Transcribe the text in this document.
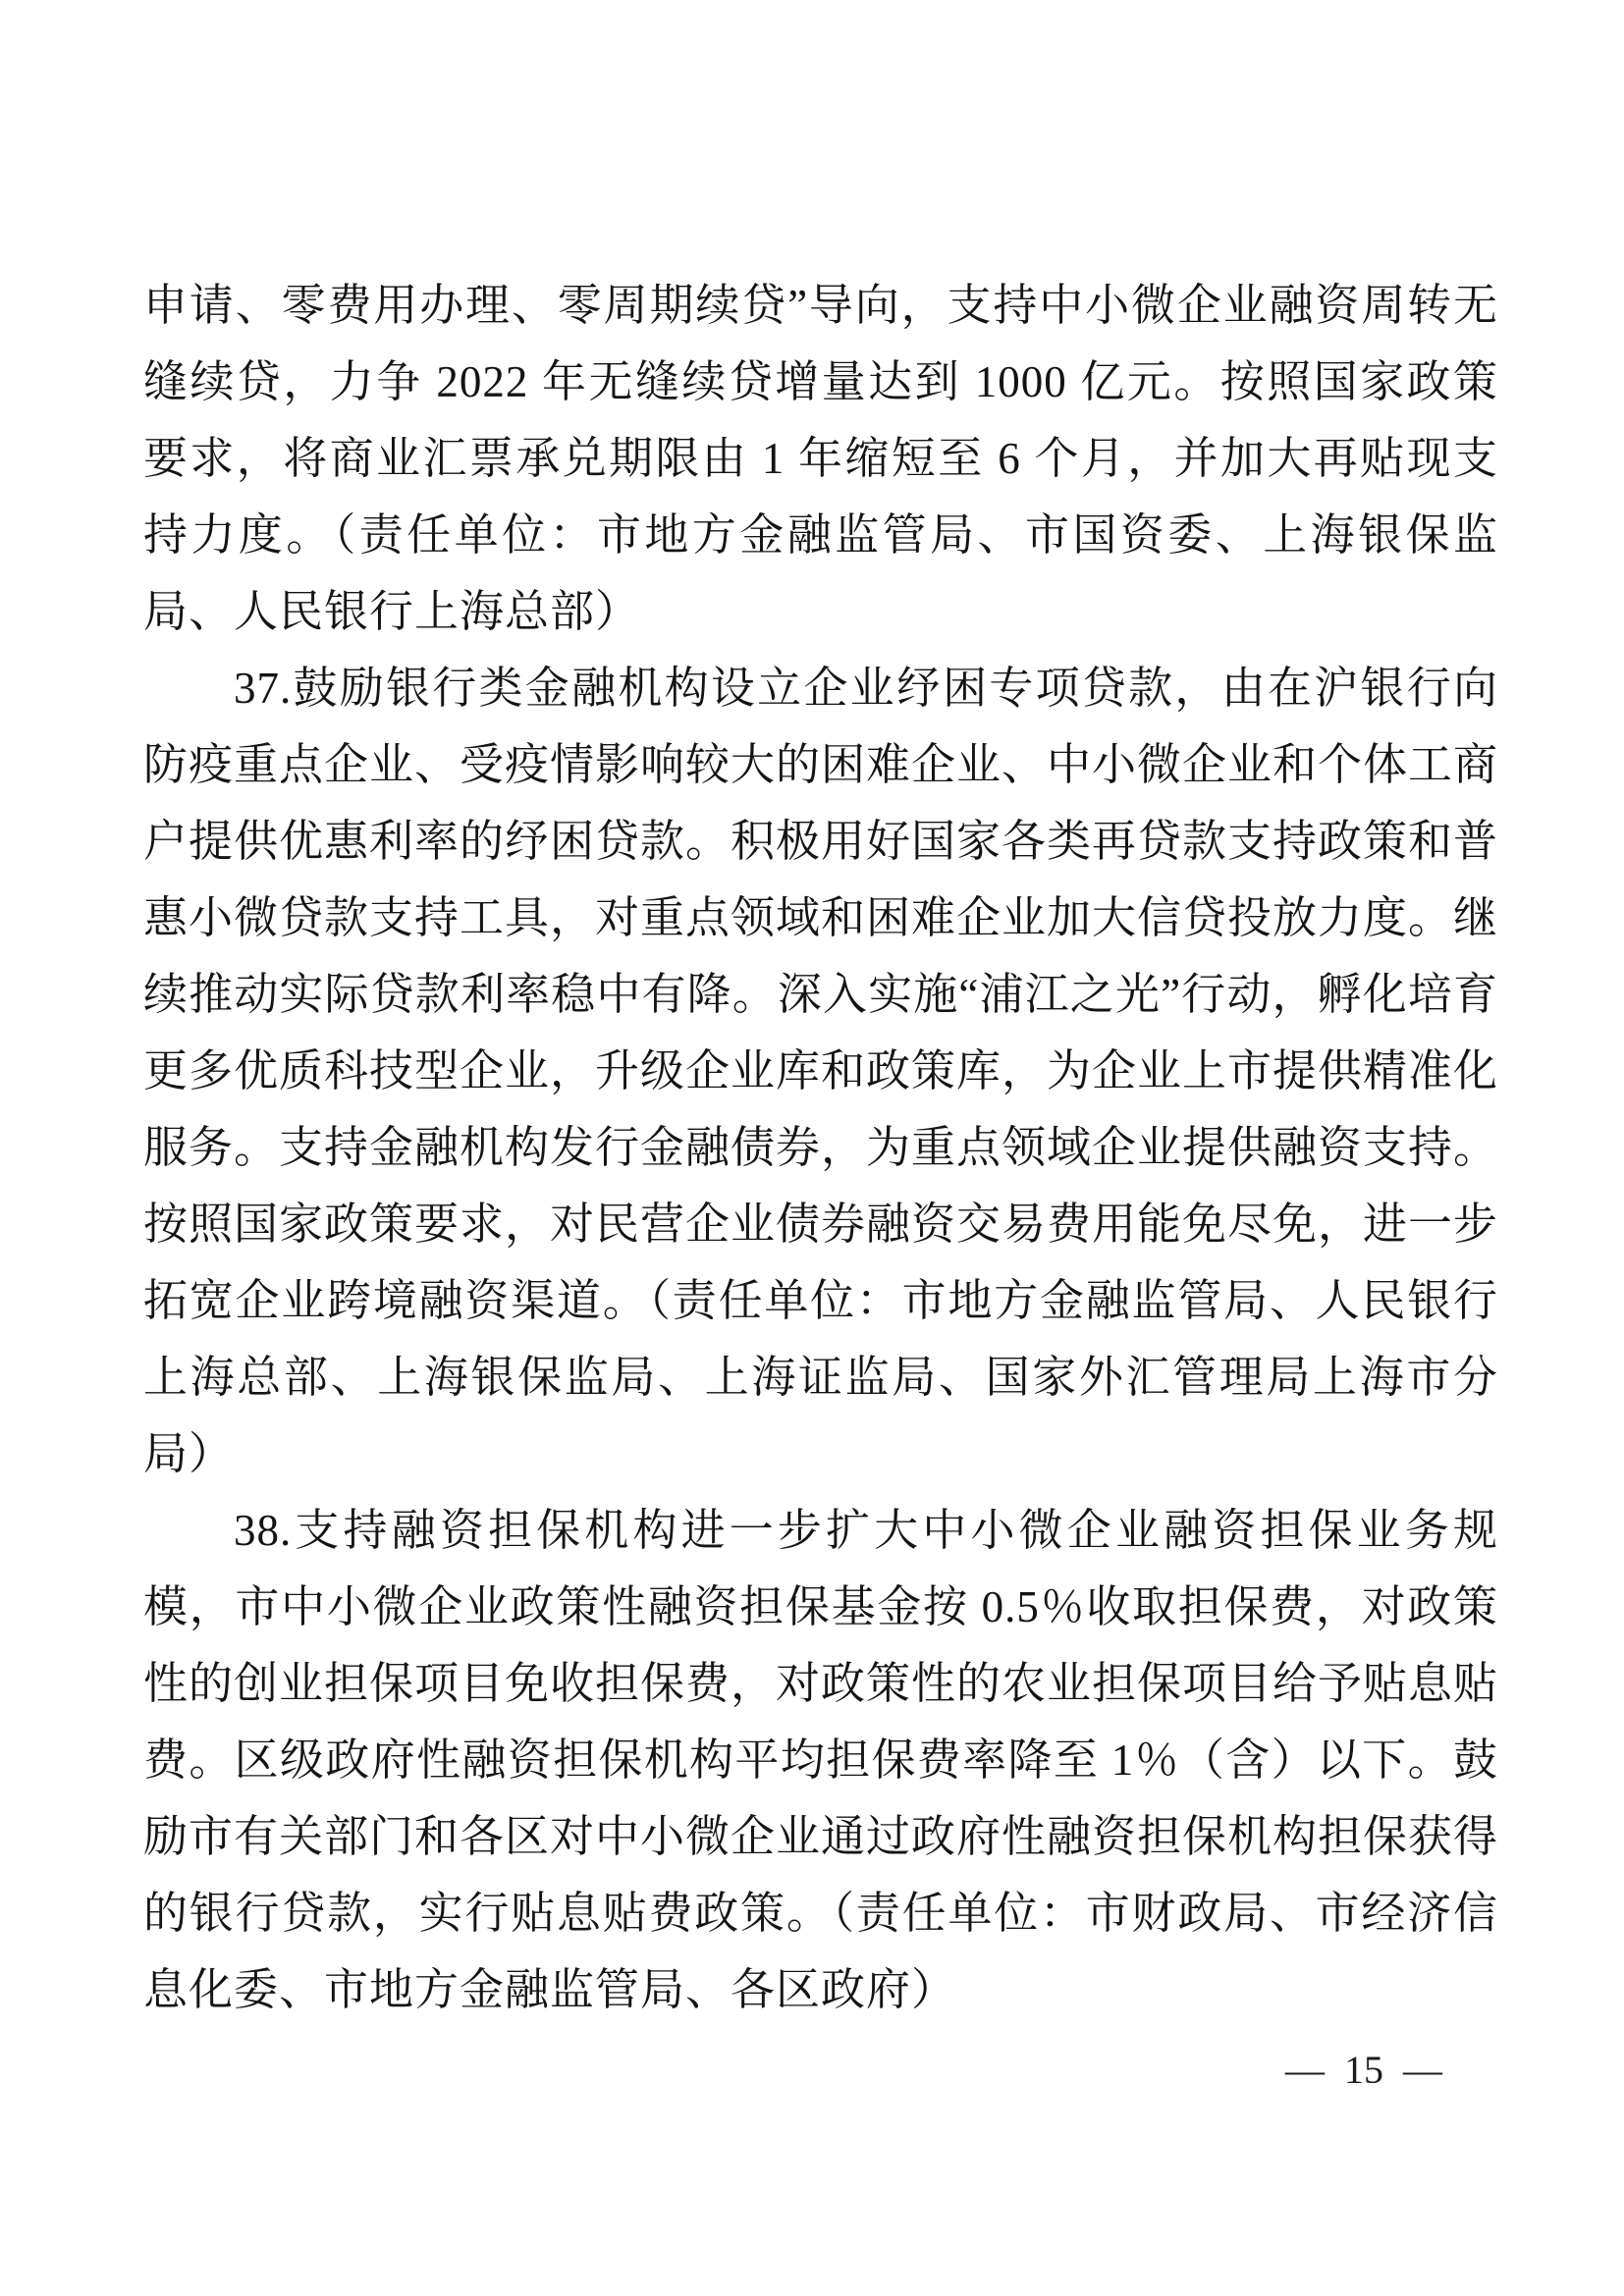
申请、零费用办理、零周期续贷”导向，支持中小微企业融资周转无缝续贷，力争 2022 年无缝续贷增量达到 1000 亿元。按照国家政策要求，将商业汇票承兑期限由 1 年缩短至 6 个月，并加大再贴现支持力度。（责任单位：市地方金融监管局、市国资委、上海银保监局、人民银行上海总部）

37.鼓励银行类金融机构设立企业纾困专项贷款，由在沪银行向防疫重点企业、受疫情影响较大的困难企业、中小微企业和个体工商户提供优惠利率的纾困贷款。积极用好国家各类再贷款支持政策和普惠小微贷款支持工具，对重点领域和困难企业加大信贷投放力度。继续推动实际贷款利率稳中有降。深入实施“浦江之光”行动，孵化培育更多优质科技型企业，升级企业库和政策库，为企业上市提供精准化服务。支持金融机构发行金融债券，为重点领域企业提供融资支持。按照国家政策要求，对民营企业债券融资交易费用能免尽免，进一步拓宽企业跨境融资渠道。（责任单位：市地方金融监管局、人民银行上海总部、上海银保监局、上海证监局、国家外汇管理局上海市分局）

38.支持融资担保机构进一步扩大中小微企业融资担保业务规模，市中小微企业政策性融资担保基金按 0.5％收取担保费，对政策性的创业担保项目免收担保费，对政策性的农业担保项目给予贴息贴费。区级政府性融资担保机构平均担保费率降至 1％（含）以下。鼓励市有关部门和各区对中小微企业通过政府性融资担保机构担保获得的银行贷款，实行贴息贴费政策。（责任单位：市财政局、市经济信息化委、市地方金融监管局、各区政府）

— 15 —
